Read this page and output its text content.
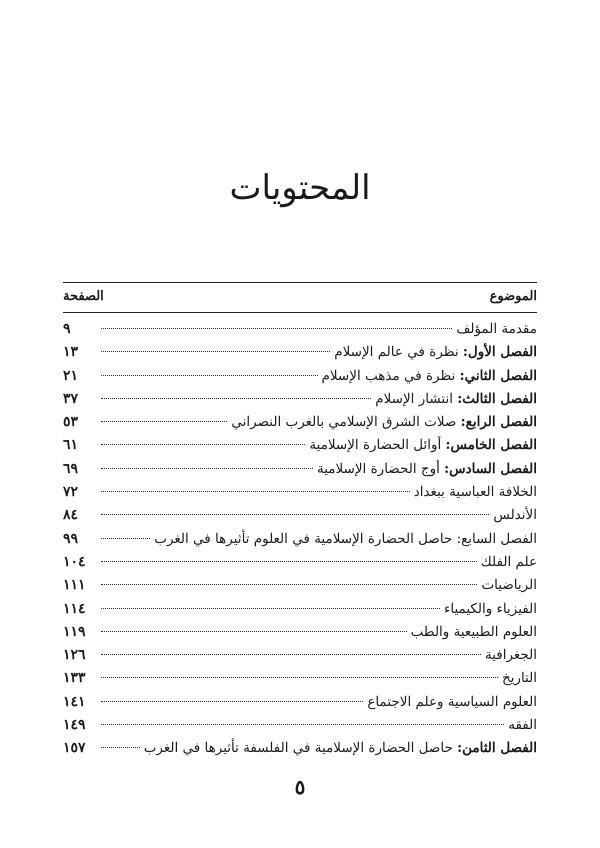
المحتويات
الموضوع
الصفحة
مقدمة المؤلف
٩
الفصل الأول: نظرة في عالم الإسلام
١٣
الفصل الثاني: نظرة في مذهب الإسلام
٢١
الفصل الثالث: انتشار الإسلام
٣٧
الفصل الرابع: صلات الشرق الإسلامي بالغرب النصراني
٥٣
الفصل الخامس: أوائل الحضارة الإسلامية
٦١
الفصل السادس: أوج الحضارة الإسلامية
٦٩
الخلافة العباسية ببغداد
٧٢
الأندلس
٨٤
الفصل السابع: حاصل الحضارة الإسلامية في العلوم تأثيرها في الغرب
٩٩
علم الفلك
١٠٤
الرياضيات
١١١
الفيزياء والكيمياء
١١٤
العلوم الطبيعية والطب
١١٩
الجغرافية
١٢٦
التاريخ
١٣٣
العلوم السياسية وعلم الاجتماع
١٤١
الفقه
١٤٩
الفصل الثامن: حاصل الحضارة الإسلامية في الفلسفة تأثيرها في الغرب
١٥٧
٥
